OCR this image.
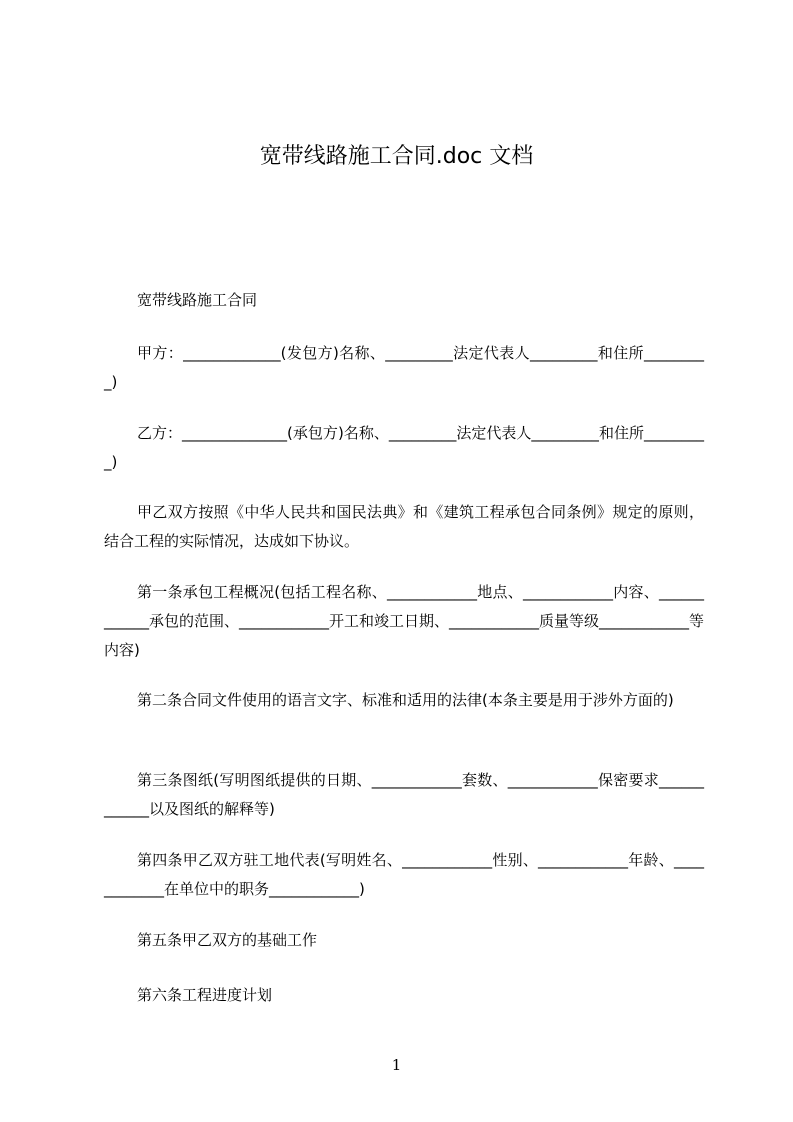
宽带线路施工合同.doc 文档

宽带线路施工合同

甲方：_____________(发包方)名称、_________法定代表人_________和住所_________)

乙方：______________(承包方)名称、_________法定代表人_________和住所_________)

甲乙双方按照《中华人民共和国民法典》和《建筑工程承包合同条例》规定的原则，结合工程的实际情况，达成如下协议。

第一条承包工程概况(包括工程名称、____________地点、____________内容、____________承包的范围、____________开工和竣工日期、____________质量等级____________等内容)

第二条合同文件使用的语言文字、标准和适用的法律(本条主要是用于涉外方面的)

第三条图纸(写明图纸提供的日期、____________套数、____________保密要求____________以及图纸的解释等)

第四条甲乙双方驻工地代表(写明姓名、____________性别、____________年龄、____________在单位中的职务____________)

第五条甲乙双方的基础工作

第六条工程进度计划

1
